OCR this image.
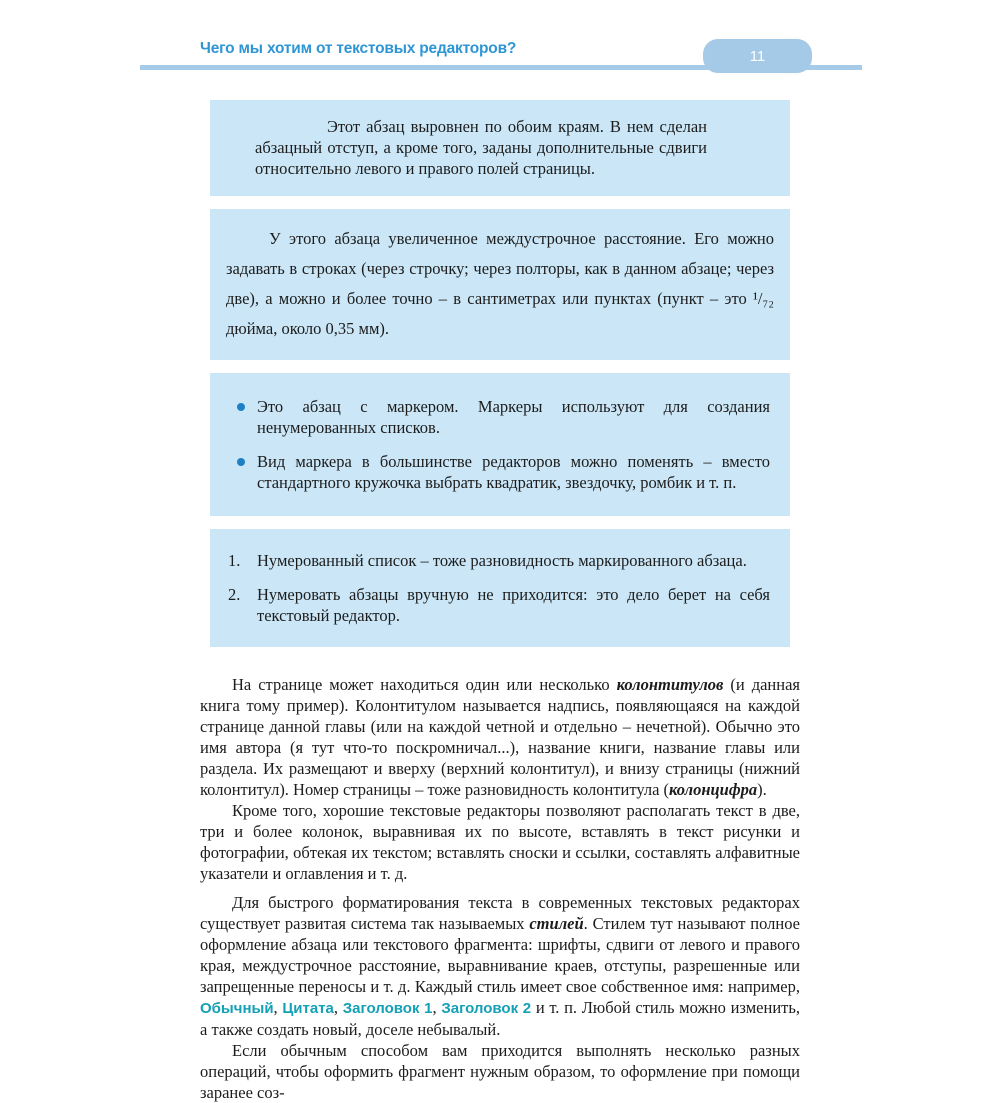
Чего мы хотим от текстовых редакторов?	11

Этот абзац выровнен по обоим краям. В нем сделан абзацный отступ, а кроме того, заданы дополнительные сдвиги относительно левого и правого полей страницы.

У этого абзаца увеличенное междустрочное расстояние. Его можно задавать в строках (через строчку; через полторы, как в данном абзаце; через две), а можно и более точно – в сантиметрах или пунктах (пункт – это ¹/₇₂ дюйма, около 0,35 мм).

Это абзац с маркером. Маркеры используют для создания ненумерованных списков.
Вид маркера в большинстве редакторов можно поменять – вместо стандартного кружочка выбрать квадратик, звездочку, ромбик и т. п.
1. Нумерованный список – тоже разновидность маркированного абзаца.
2. Нумеровать абзацы вручную не приходится: это дело берет на себя текстовый редактор.

На странице может находиться один или несколько колонтитулов (и данная книга тому пример). Колонтитулом называется надпись, появляющаяся на каждой странице данной главы (или на каждой четной и отдельно – нечетной). Обычно это имя автора (я тут что-то поскромничал...), название книги, название главы или раздела. Их размещают и вверху (верхний колонтитул), и внизу страницы (нижний колонтитул). Номер страницы – тоже разновидность колонтитула (колонцифра).

Кроме того, хорошие текстовые редакторы позволяют располагать текст в две, три и более колонок, выравнивая их по высоте, вставлять в текст рисунки и фотографии, обтекая их текстом; вставлять сноски и ссылки, составлять алфавитные указатели и оглавления и т. д.

Для быстрого форматирования текста в современных текстовых редакторах существует развитая система так называемых стилей. Стилем тут называют полное оформление абзаца или текстового фрагмента: шрифты, сдвиги от левого и правого края, междустрочное расстояние, выравнивание краев, отступы, разрешенные или запрещенные переносы и т. д. Каждый стиль имеет свое собственное имя: например, Обычный, Цитата, Заголовок 1, Заголовок 2 и т. п. Любой стиль можно изменить, а также создать новый, доселе небывалый.

Если обычным способом вам приходится выполнять несколько разных операций, чтобы оформить фрагмент нужным образом, то оформление при помощи заранее соз-
